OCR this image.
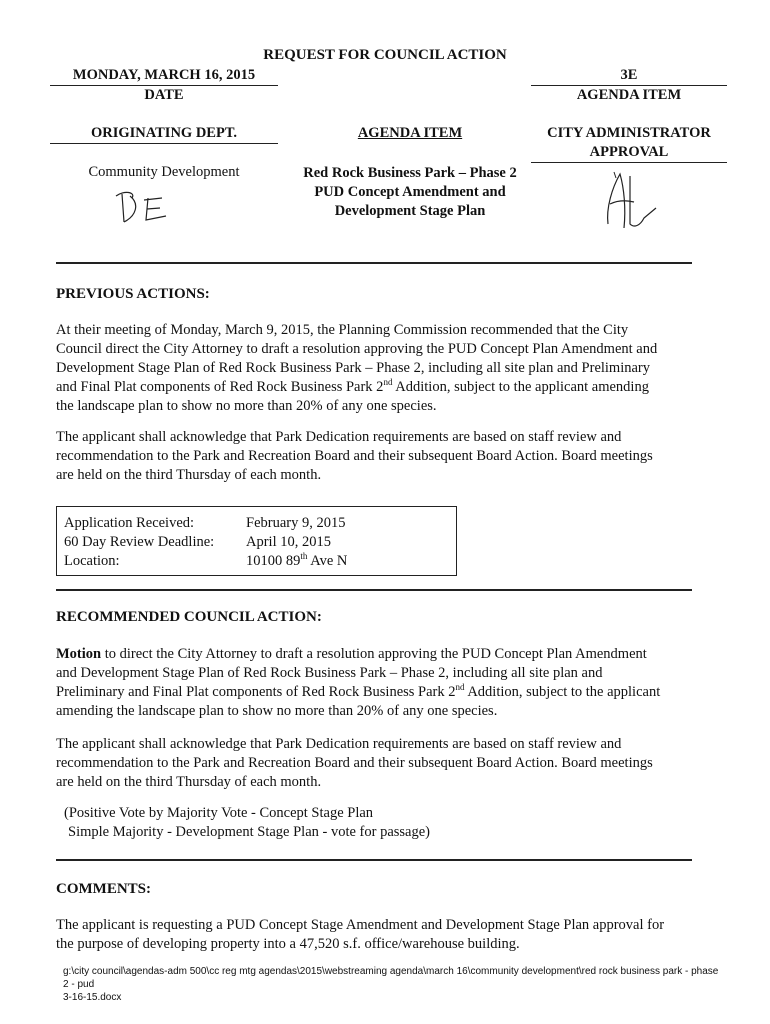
REQUEST FOR COUNCIL ACTION
MONDAY, MARCH 16, 2015
DATE
3E
AGENDA ITEM
ORIGINATING DEPT.	AGENDA ITEM	CITY ADMINISTRATOR
APPROVAL
Community Development	Red Rock Business Park – Phase 2
PUD Concept Amendment and
Development Stage Plan
PREVIOUS ACTIONS:

At their meeting of Monday, March 9, 2015, the Planning Commission recommended that the City

Council direct the City Attorney to draft a resolution approving the PUD Concept Plan Amendment and

Development Stage Plan of Red Rock Business Park – Phase 2, including all site plan and Preliminary

and Final Plat components of Red Rock Business Park 2nd Addition, subject to the applicant amending

the landscape plan to show no more than 20% of any one species.

The applicant shall acknowledge that Park Dedication requirements are based on staff review and

recommendation to the Park and Recreation Board and their subsequent Board Action. Board meetings

are held on the third Thursday of each month.

Application Received:	February 9, 2015
60 Day Review Deadline:	April 10, 2015
Location:	10100 89th Ave N
RECOMMENDED COUNCIL ACTION:

Motion to direct the City Attorney to draft a resolution approving the PUD Concept Plan Amendment

and Development Stage Plan of Red Rock Business Park – Phase 2, including all site plan and

Preliminary and Final Plat components of Red Rock Business Park 2nd Addition, subject to the applicant

amending the landscape plan to show no more than 20% of any one species.

The applicant shall acknowledge that Park Dedication requirements are based on staff review and

recommendation to the Park and Recreation Board and their subsequent Board Action. Board meetings

are held on the third Thursday of each month.

(Positive Vote by Majority Vote - Concept Stage Plan

Simple Majority - Development Stage Plan - vote for passage)

COMMENTS:

The applicant is requesting a PUD Concept Stage Amendment and Development Stage Plan approval for

the purpose of developing property into a 47,520 s.f. office/warehouse building.

g:\city council\agendas-adm 500\cc reg mtg agendas\2015\webstreaming agenda\march 16\community development\red rock business park - phase 2 - pud
3-16-15.docx
